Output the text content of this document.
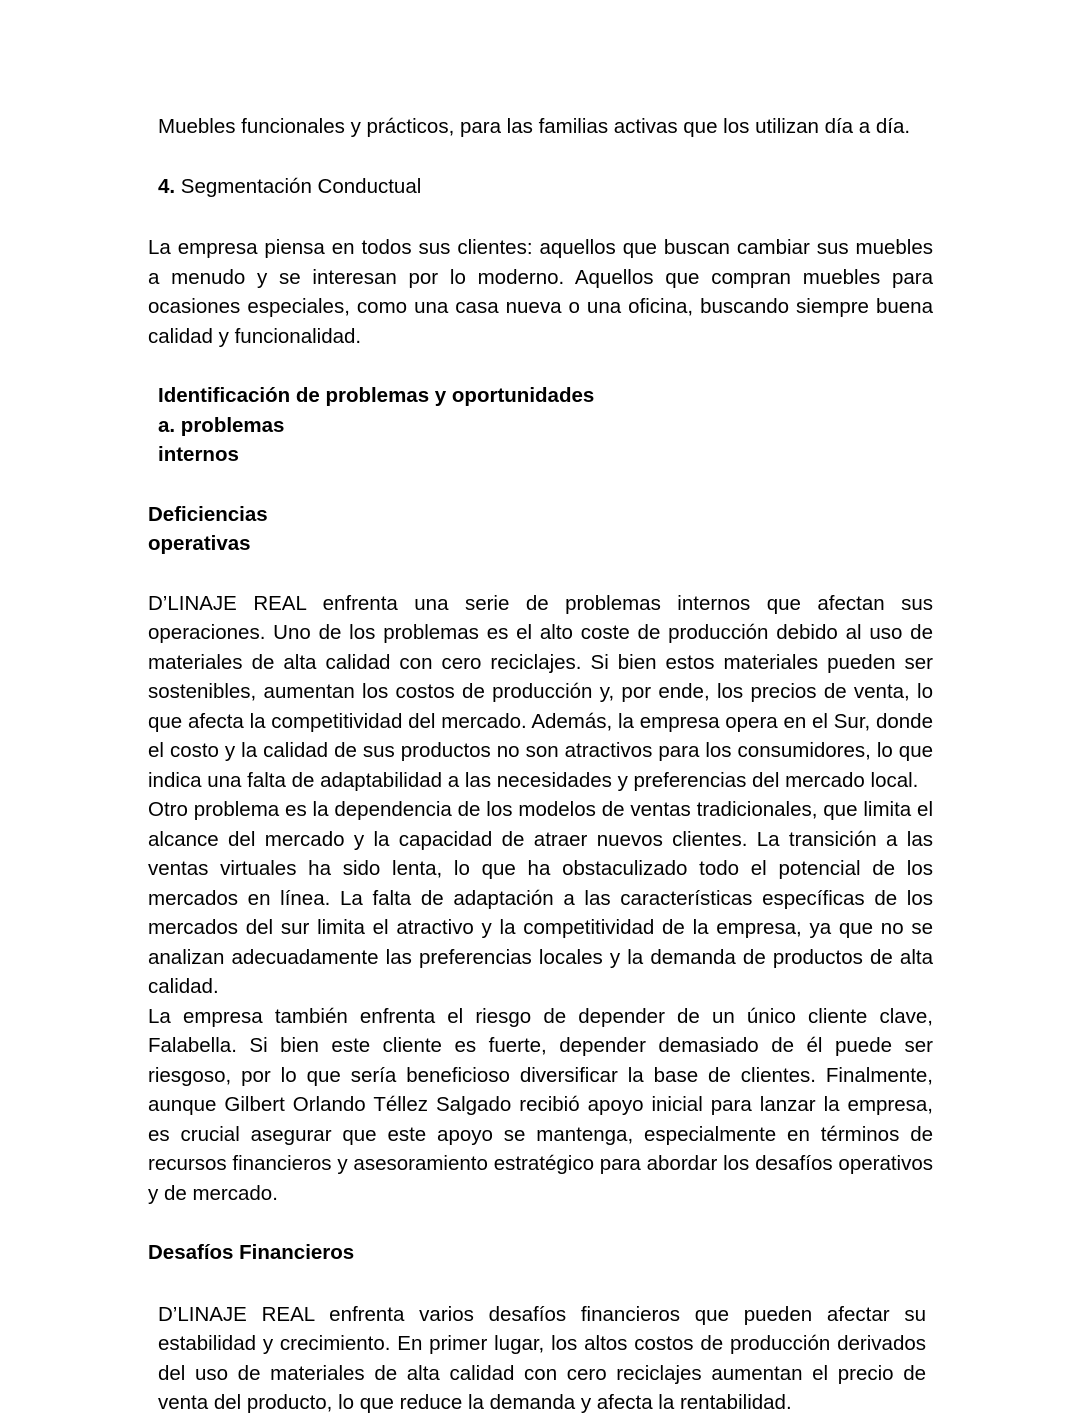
Muebles funcionales y prácticos, para las familias activas que los utilizan día a día.

4. Segmentación Conductual

La empresa piensa en todos sus clientes: aquellos que buscan cambiar sus muebles a menudo y se interesan por lo moderno. Aquellos que compran muebles para ocasiones especiales, como una casa nueva o una oficina, buscando siempre buena calidad y funcionalidad.

Identificación de problemas y oportunidades

a. problemas

internos

Deficiencias

operativas

D’LINAJE REAL enfrenta una serie de problemas internos que afectan sus operaciones. Uno de los problemas es el alto coste de producción debido al uso de materiales de alta calidad con cero reciclajes. Si bien estos materiales pueden ser sostenibles, aumentan los costos de producción y, por ende, los precios de venta, lo que afecta la competitividad del mercado. Además, la empresa opera en el Sur, donde el costo y la calidad de sus productos no son atractivos para los consumidores, lo que indica una falta de adaptabilidad a las necesidades y preferencias del mercado local.

Otro problema es la dependencia de los modelos de ventas tradicionales, que limita el alcance del mercado y la capacidad de atraer nuevos clientes. La transición a las ventas virtuales ha sido lenta, lo que ha obstaculizado todo el potencial de los mercados en línea. La falta de adaptación a las características específicas de los mercados del sur limita el atractivo y la competitividad de la empresa, ya que no se analizan adecuadamente las preferencias locales y la demanda de productos de alta calidad.

La empresa también enfrenta el riesgo de depender de un único cliente clave, Falabella. Si bien este cliente es fuerte, depender demasiado de él puede ser riesgoso, por lo que sería beneficioso diversificar la base de clientes. Finalmente, aunque Gilbert Orlando Téllez Salgado recibió apoyo inicial para lanzar la empresa, es crucial asegurar que este apoyo se mantenga, especialmente en términos de recursos financieros y asesoramiento estratégico para abordar los desafíos operativos y de mercado.

Desafíos Financieros

D’LINAJE REAL enfrenta varios desafíos financieros que pueden afectar su estabilidad y crecimiento. En primer lugar, los altos costos de producción derivados del uso de materiales de alta calidad con cero reciclajes aumentan el precio de venta del producto, lo que reduce la demanda y afecta la rentabilidad.
